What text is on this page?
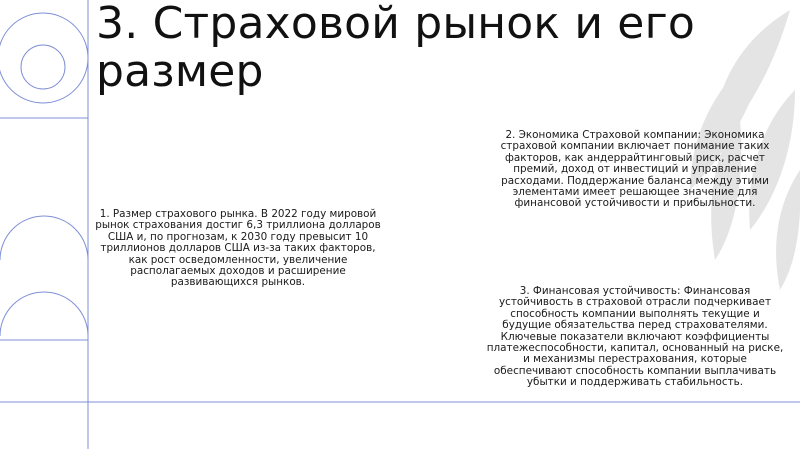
3. Страховой рынок и его размер

1. Размер страхового рынка. В 2022 году мировой рынок страхования достиг 6,3 триллиона долларов США и, по прогнозам, к 2030 году превысит 10 триллионов долларов США из-за таких факторов, как рост осведомленности, увеличение располагаемых доходов и расширение развивающихся рынков.

2. Экономика Страховой компании: Экономика страховой компании включает понимание таких факторов, как андеррайтинговый риск, расчет премий, доход от инвестиций и управление расходами. Поддержание баланса между этими элементами имеет решающее значение для финансовой устойчивости и прибыльности.

3. Финансовая устойчивость: Финансовая устойчивость в страховой отрасли подчеркивает способность компании выполнять текущие и будущие обязательства перед страхователями. Ключевые показатели включают коэффициенты платежеспособности, капитал, основанный на риске, и механизмы перестрахования, которые обеспечивают способность компании выплачивать убытки и поддерживать стабильность.
